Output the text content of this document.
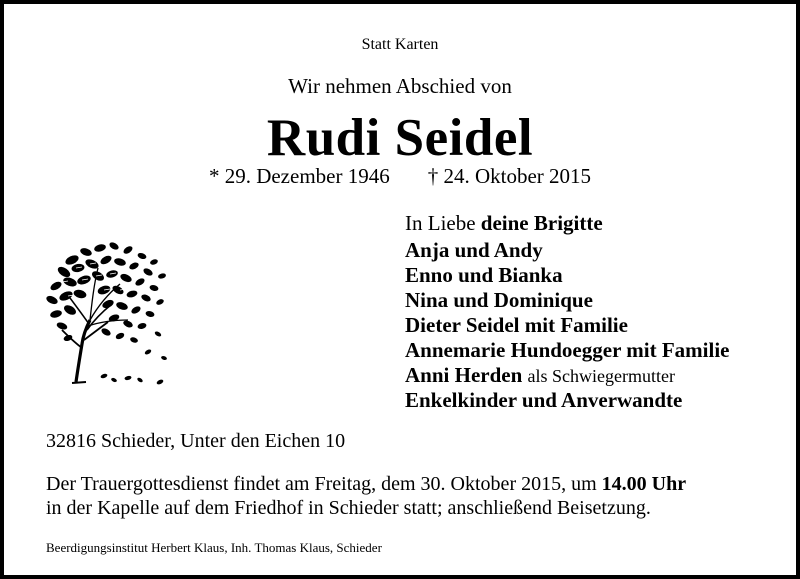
Statt Karten
Wir nehmen Abschied von
Rudi Seidel
* 29. Dezember 1946 † 24. Oktober 2015
In Liebe deine Brigitte
Anja und Andy
Enno und Bianka
Nina und Dominique
Dieter Seidel mit Familie
Annemarie Hundoegger mit Familie
Anni Herden als Schwiegermutter
Enkelkinder und Anverwandte
32816 Schieder, Unter den Eichen 10
Der Trauergottesdienst findet am Freitag, dem 30. Oktober 2015, um 14.00 Uhr
in der Kapelle auf dem Friedhof in Schieder statt; anschließend Beisetzung.
Beerdigungsinstitut Herbert Klaus, Inh. Thomas Klaus, Schieder
